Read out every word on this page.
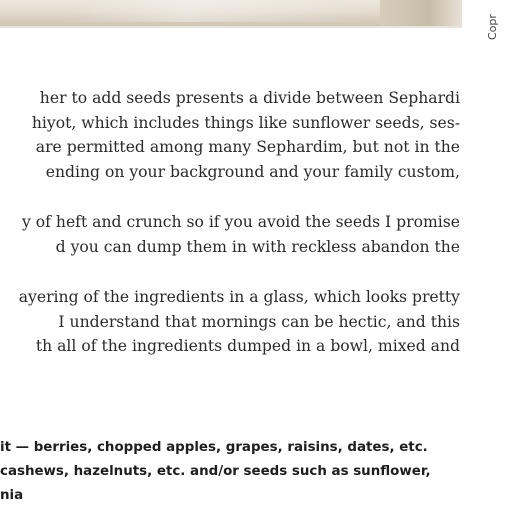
Copr
her to add seeds presents a divide between Sephardi
hiyot, which includes things like sunflower seeds, ses-
are permitted among many Sephardim, but not in the
ending on your background and your family custom,
y of heft and crunch so if you avoid the seeds I promise
d you can dump them in with reckless abandon the
ayering of the ingredients in a glass, which looks pretty
I understand that mornings can be hectic, and this
th all of the ingredients dumped in a bowl, mixed and
it — berries, chopped apples, grapes, raisins, dates, etc.
cashews, hazelnuts, etc. and/or seeds such as sunflower,
nia
